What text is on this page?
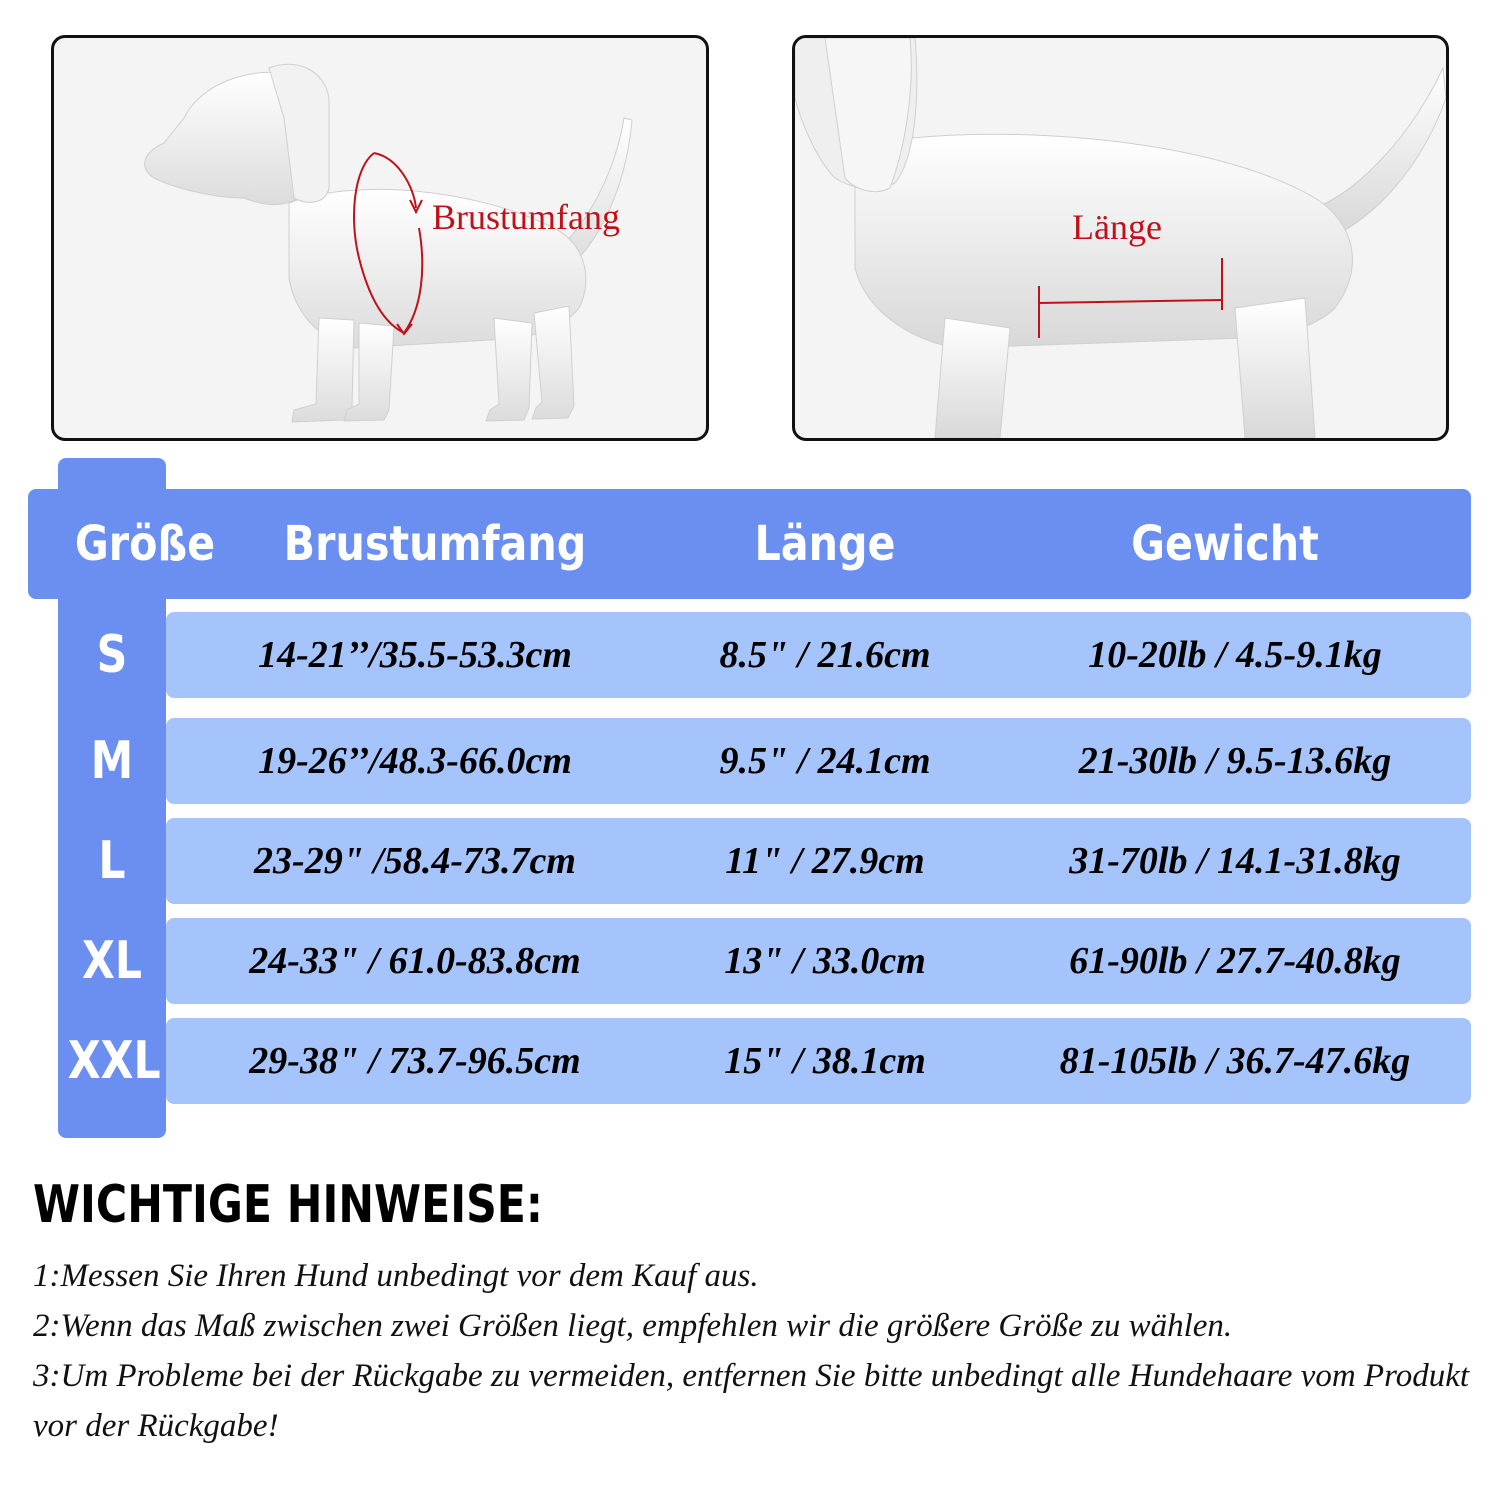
Brustumfang	Länge
Größe	Brustumfang	Länge	Gewicht
S	14-21’’/35.5-53.3cm	8.5" / 21.6cm	10-20lb / 4.5-9.1kg
M	19-26’’/48.3-66.0cm	9.5" / 24.1cm	21-30lb / 9.5-13.6kg
L	23-29" /58.4-73.7cm	11" / 27.9cm	31-70lb / 14.1-31.8kg
XL	24-33" / 61.0-83.8cm	13" / 33.0cm	61-90lb / 27.7-40.8kg
XXL	29-38" / 73.7-96.5cm	15" / 38.1cm	81-105lb / 36.7-47.6kg
WICHTIGE HINWEISE:
1:Messen Sie Ihren Hund unbedingt vor dem Kauf aus.
2:Wenn das Maß zwischen zwei Größen liegt, empfehlen wir die größere Größe zu wählen.
3:Um Probleme bei der Rückgabe zu vermeiden, entfernen Sie bitte unbedingt alle Hundehaare vom Produkt vor der Rückgabe!
